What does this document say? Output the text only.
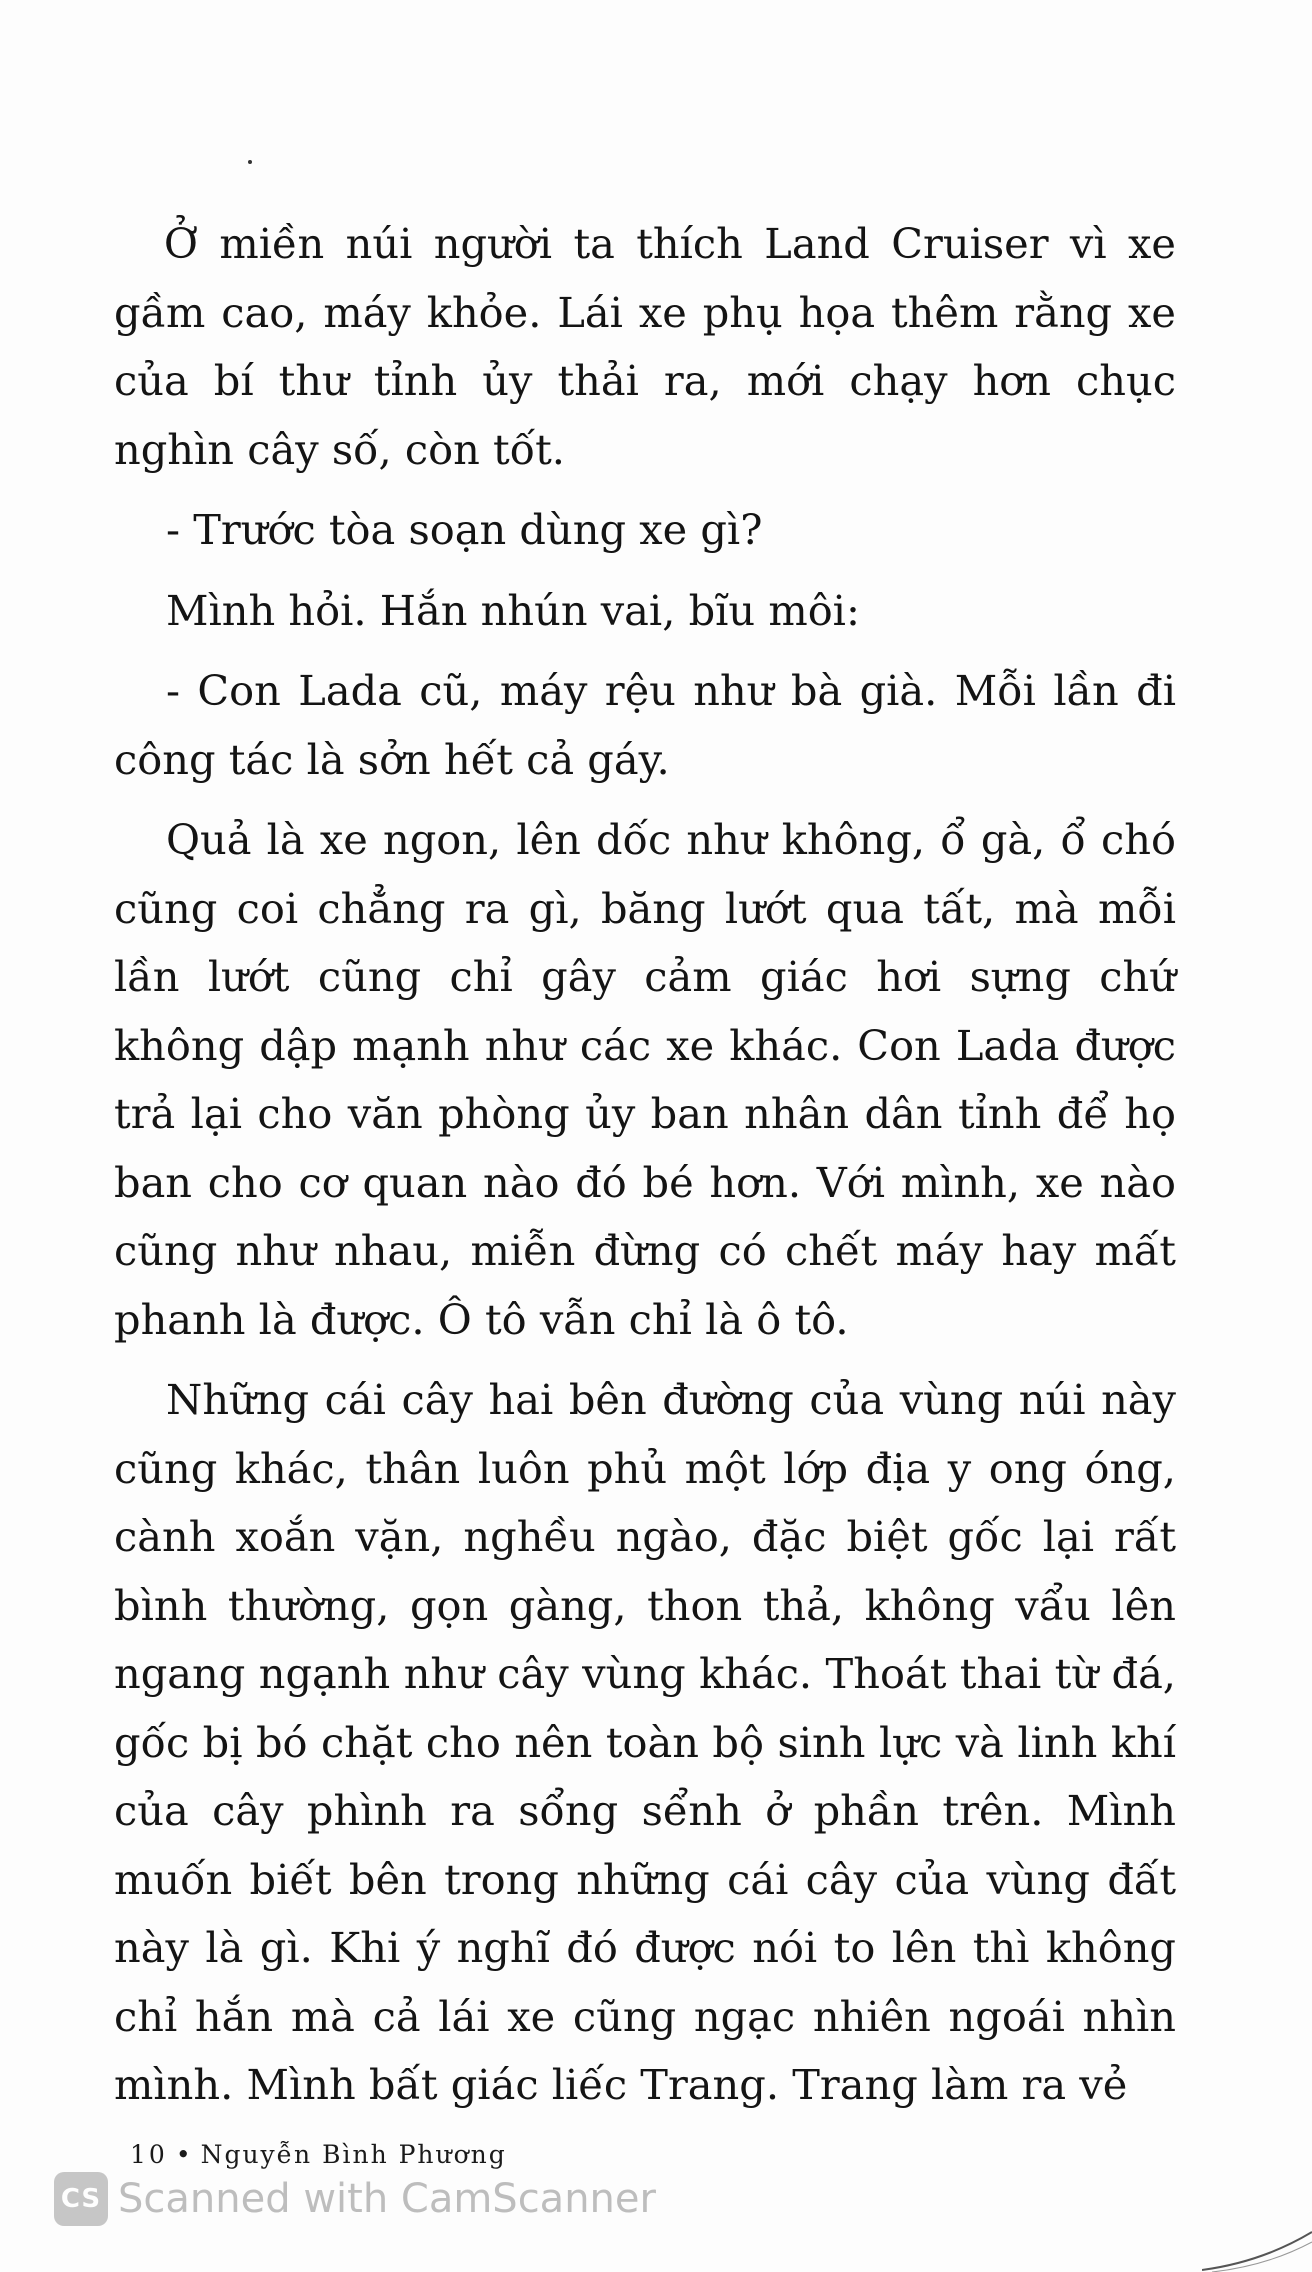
Ở miền núi người ta thích Land Cruiser vì xe gầm cao, máy khỏe. Lái xe phụ họa thêm rằng xe của bí thư tỉnh ủy thải ra, mới chạy hơn chục nghìn cây số, còn tốt.

- Trước tòa soạn dùng xe gì?

Mình hỏi. Hắn nhún vai, bĩu môi:

- Con Lada cũ, máy rệu như bà già. Mỗi lần đi công tác là sởn hết cả gáy.

Quả là xe ngon, lên dốc như không, ổ gà, ổ chó cũng coi chẳng ra gì, băng lướt qua tất, mà mỗi lần lướt cũng chỉ gây cảm giác hơi sựng chứ không dập mạnh như các xe khác. Con Lada được trả lại cho văn phòng ủy ban nhân dân tỉnh để họ ban cho cơ quan nào đó bé hơn. Với mình, xe nào cũng như nhau, miễn đừng có chết máy hay mất phanh là được. Ô tô vẫn chỉ là ô tô.

Những cái cây hai bên đường của vùng núi này cũng khác, thân luôn phủ một lớp địa y ong óng, cành xoắn vặn, nghều ngào, đặc biệt gốc lại rất bình thường, gọn gàng, thon thả, không vẩu lên ngang ngạnh như cây vùng khác. Thoát thai từ đá, gốc bị bó chặt cho nên toàn bộ sinh lực và linh khí của cây phình ra sổng sểnh ở phần trên. Mình muốn biết bên trong những cái cây của vùng đất này là gì. Khi ý nghĩ đó được nói to lên thì không chỉ hắn mà cả lái xe cũng ngạc nhiên ngoái nhìn mình. Mình bất giác liếc Trang. Trang làm ra vẻ

10 • Nguyễn Bình Phương
CS Scanned with CamScanner
